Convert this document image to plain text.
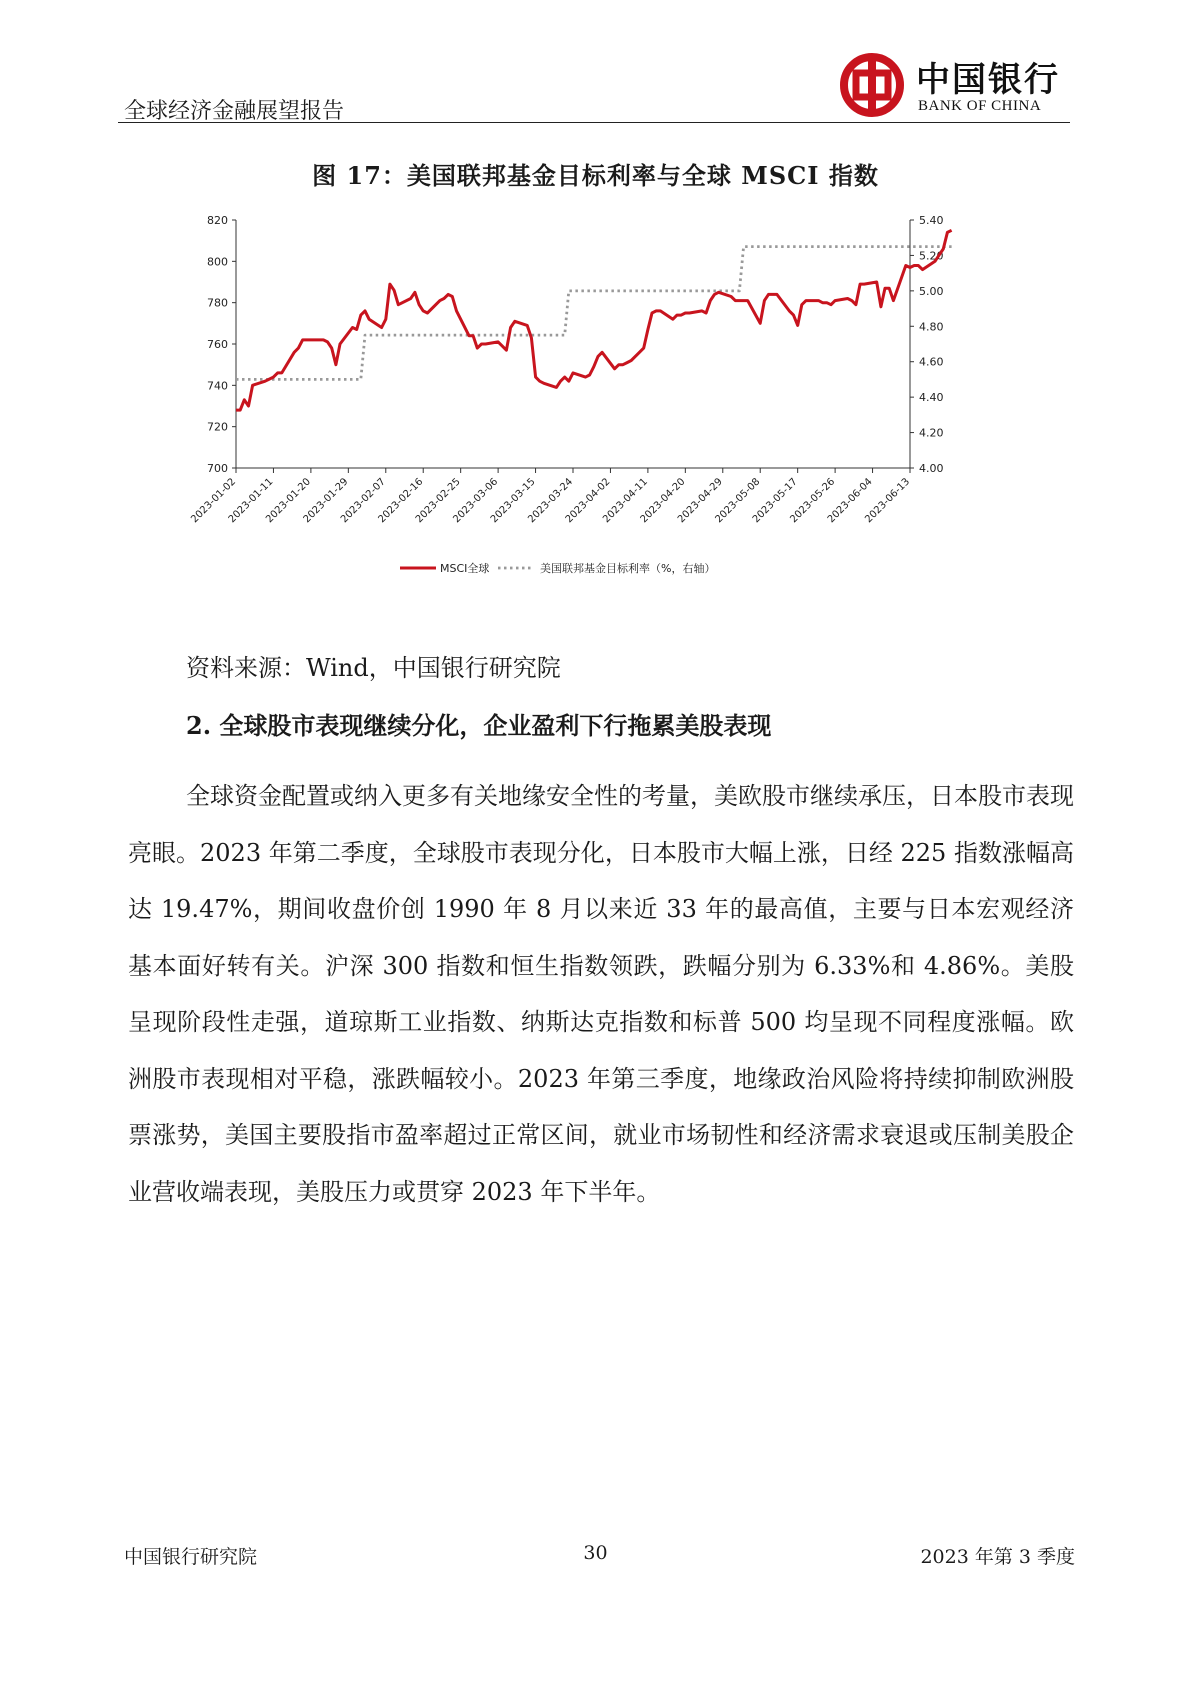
全球经济金融展望报告
中国银行
BANK OF CHINA
图 17：美国联邦基金目标利率与全球 MSCI 指数
700
720
740
760
780
800
820
4.00
4.20
4.40
4.60
4.80
5.00
5.20
5.40
2023-01-02
2023-01-11
2023-01-20
2023-01-29
2023-02-07
2023-02-16
2023-02-25
2023-03-06
2023-03-15
2023-03-24
2023-04-02
2023-04-11
2023-04-20
2023-04-29
2023-05-08
2023-05-17
2023-05-26
2023-06-04
2023-06-13
MSCI全球	美国联邦基金目标利率（%，右轴）
资料来源：Wind，中国银行研究院
2. 全球股市表现继续分化，企业盈利下行拖累美股表现

全球资金配置或纳入更多有关地缘安全性的考量，美欧股市继续承压，日本股市表现亮眼。2023 年第二季度，全球股市表现分化，日本股市大幅上涨，日经 225 指数涨幅高达 19.47%，期间收盘价创 1990 年 8 月以来近 33 年的最高值，主要与日本宏观经济基本面好转有关。沪深 300 指数和恒生指数领跌，跌幅分别为 6.33%和 4.86%。美股呈现阶段性走强，道琼斯工业指数、纳斯达克指数和标普 500 均呈现不同程度涨幅。欧洲股市表现相对平稳，涨跌幅较小。2023 年第三季度，地缘政治风险将持续抑制欧洲股票涨势，美国主要股指市盈率超过正常区间，就业市场韧性和经济需求衰退或压制美股企业营收端表现，美股压力或贯穿 2023 年下半年。

中国银行研究院	30	2023 年第 3 季度
